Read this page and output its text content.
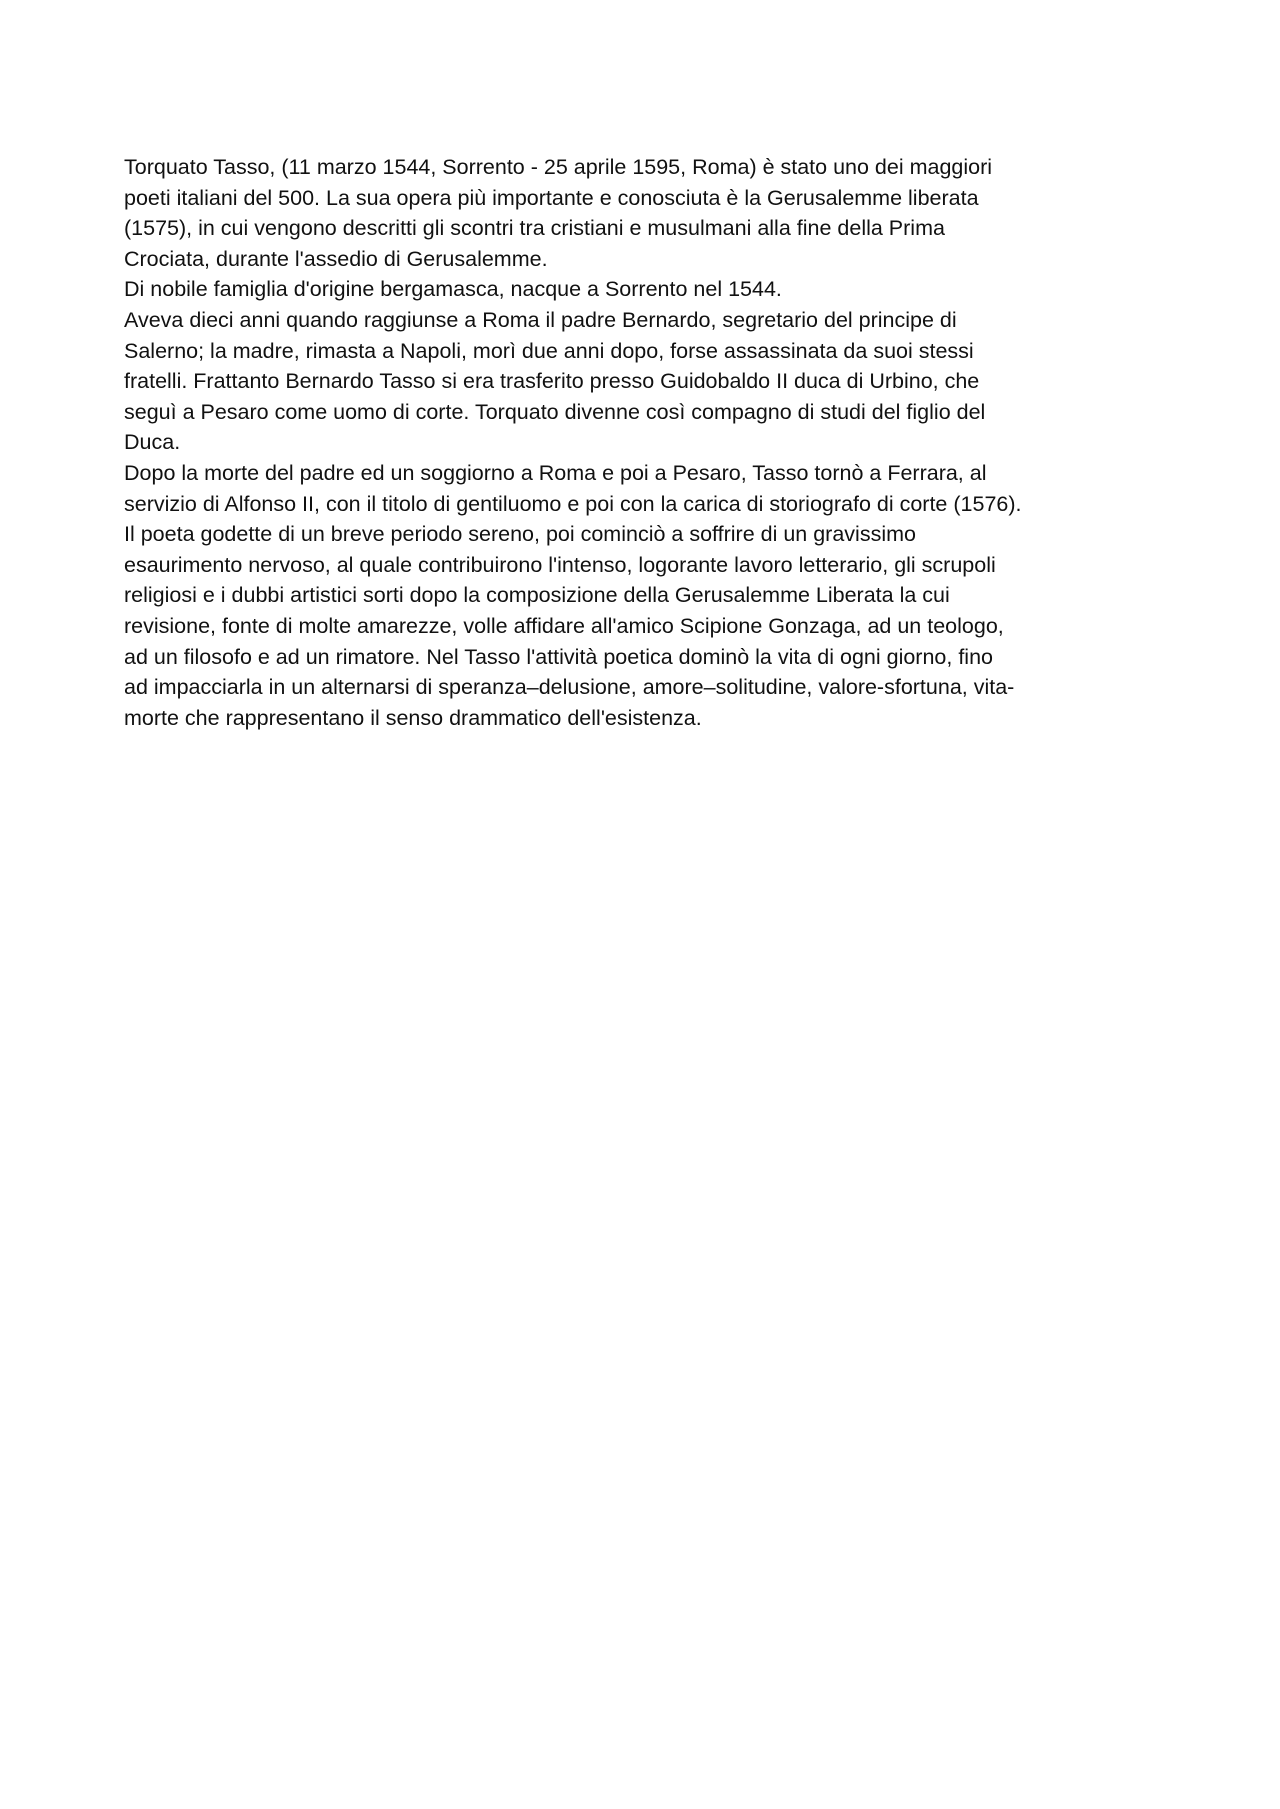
Torquato Tasso, (11 marzo 1544, Sorrento - 25 aprile 1595, Roma) è stato uno dei maggiori
poeti italiani del 500. La sua opera più importante e conosciuta è la Gerusalemme liberata
(1575), in cui vengono descritti gli scontri tra cristiani e musulmani alla fine della Prima
Crociata, durante l'assedio di Gerusalemme.
Di nobile famiglia d'origine bergamasca, nacque a Sorrento nel 1544.
Aveva dieci anni quando raggiunse a Roma il padre Bernardo, segretario del principe di
Salerno; la madre, rimasta a Napoli, morì due anni dopo, forse assassinata da suoi stessi
fratelli. Frattanto Bernardo Tasso si era trasferito presso Guidobaldo II duca di Urbino, che
seguì a Pesaro come uomo di corte. Torquato divenne così compagno di studi del figlio del
Duca.
Dopo la morte del padre ed un soggiorno a Roma e poi a Pesaro, Tasso tornò a Ferrara, al
servizio di Alfonso II, con il titolo di gentiluomo e poi con la carica di storiografo di corte (1576).
Il poeta godette di un breve periodo sereno, poi cominciò a soffrire di un gravissimo
esaurimento nervoso, al quale contribuirono l'intenso, logorante lavoro letterario, gli scrupoli
religiosi e i dubbi artistici sorti dopo la composizione della Gerusalemme Liberata la cui
revisione, fonte di molte amarezze, volle affidare all'amico Scipione Gonzaga, ad un teologo,
ad un filosofo e ad un rimatore. Nel Tasso l'attività poetica dominò la vita di ogni giorno, fino
ad impacciarla in un alternarsi di speranza–delusione, amore–solitudine, valore-sfortuna, vita-
morte che rappresentano il senso drammatico dell'esistenza.
